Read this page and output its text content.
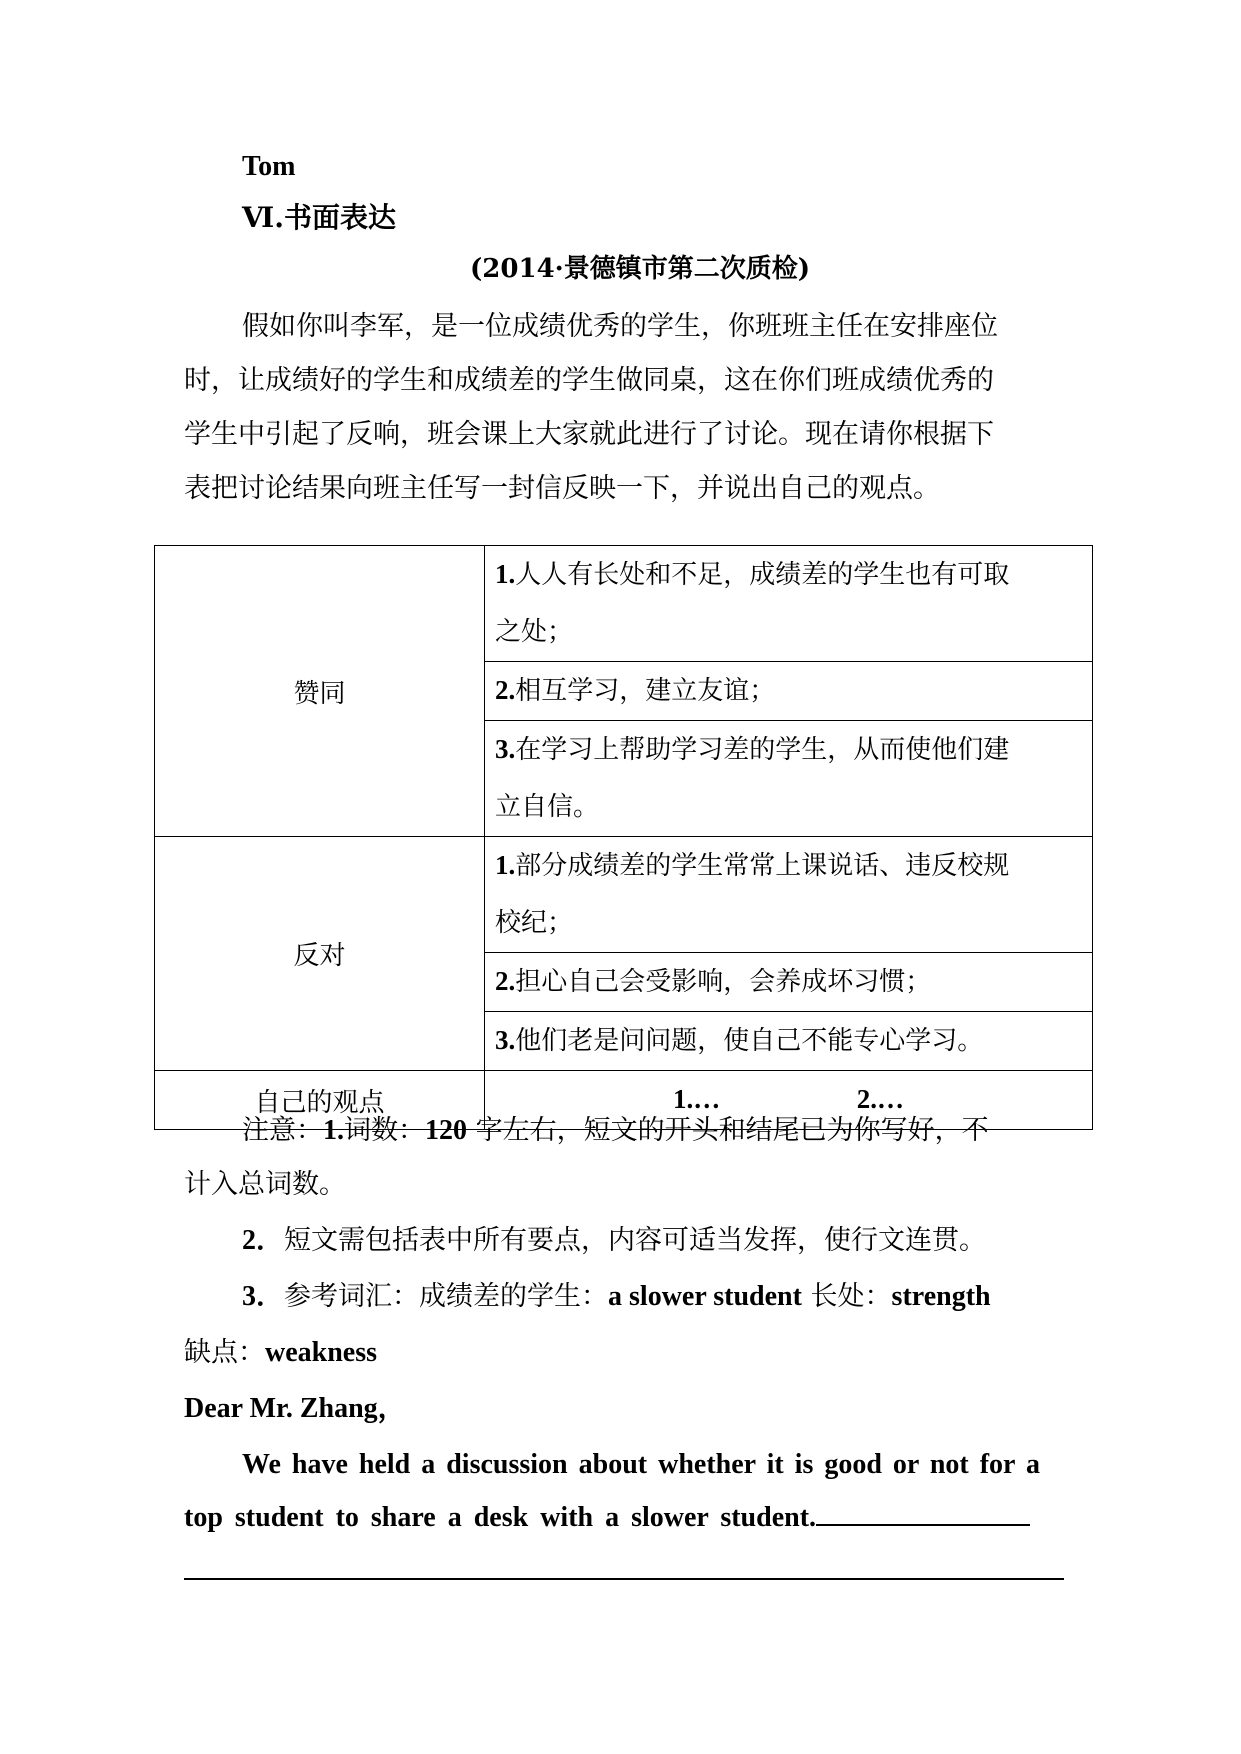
Tom
Ⅵ.书面表达
(2014·景德镇市第二次质检)
假如你叫李军，是一位成绩优秀的学生，你班班主任在安排座位
时，让成绩好的学生和成绩差的学生做同桌，这在你们班成绩优秀的
学生中引起了反响，班会课上大家就此进行了讨论。现在请你根据下
表把讨论结果向班主任写一封信反映一下，并说出自己的观点。
赞同	1.人人有长处和不足，成绩差的学生也有可取
之处；
	2.相互学习，建立友谊；
	3.在学习上帮助学习差的学生，从而使他们建
立自信。
反对	1.部分成绩差的学生常常上课说话、违反校规
校纪；
	2.担心自己会受影响，会养成坏习惯；
	3.他们老是问问题，使自己不能专心学习。
自己的观点	1.… 2.…
注意：1.词数：120 字左右，短文的开头和结尾已为你写好，不
计入总词数。
2．短文需包括表中所有要点，内容可适当发挥，使行文连贯。
3．参考词汇：成绩差的学生：a slower student 长处：strength
缺点：weakness
Dear Mr. Zhang，
We have held a discussion about whether it is good or not for a
top student to share a desk with a slower student.
